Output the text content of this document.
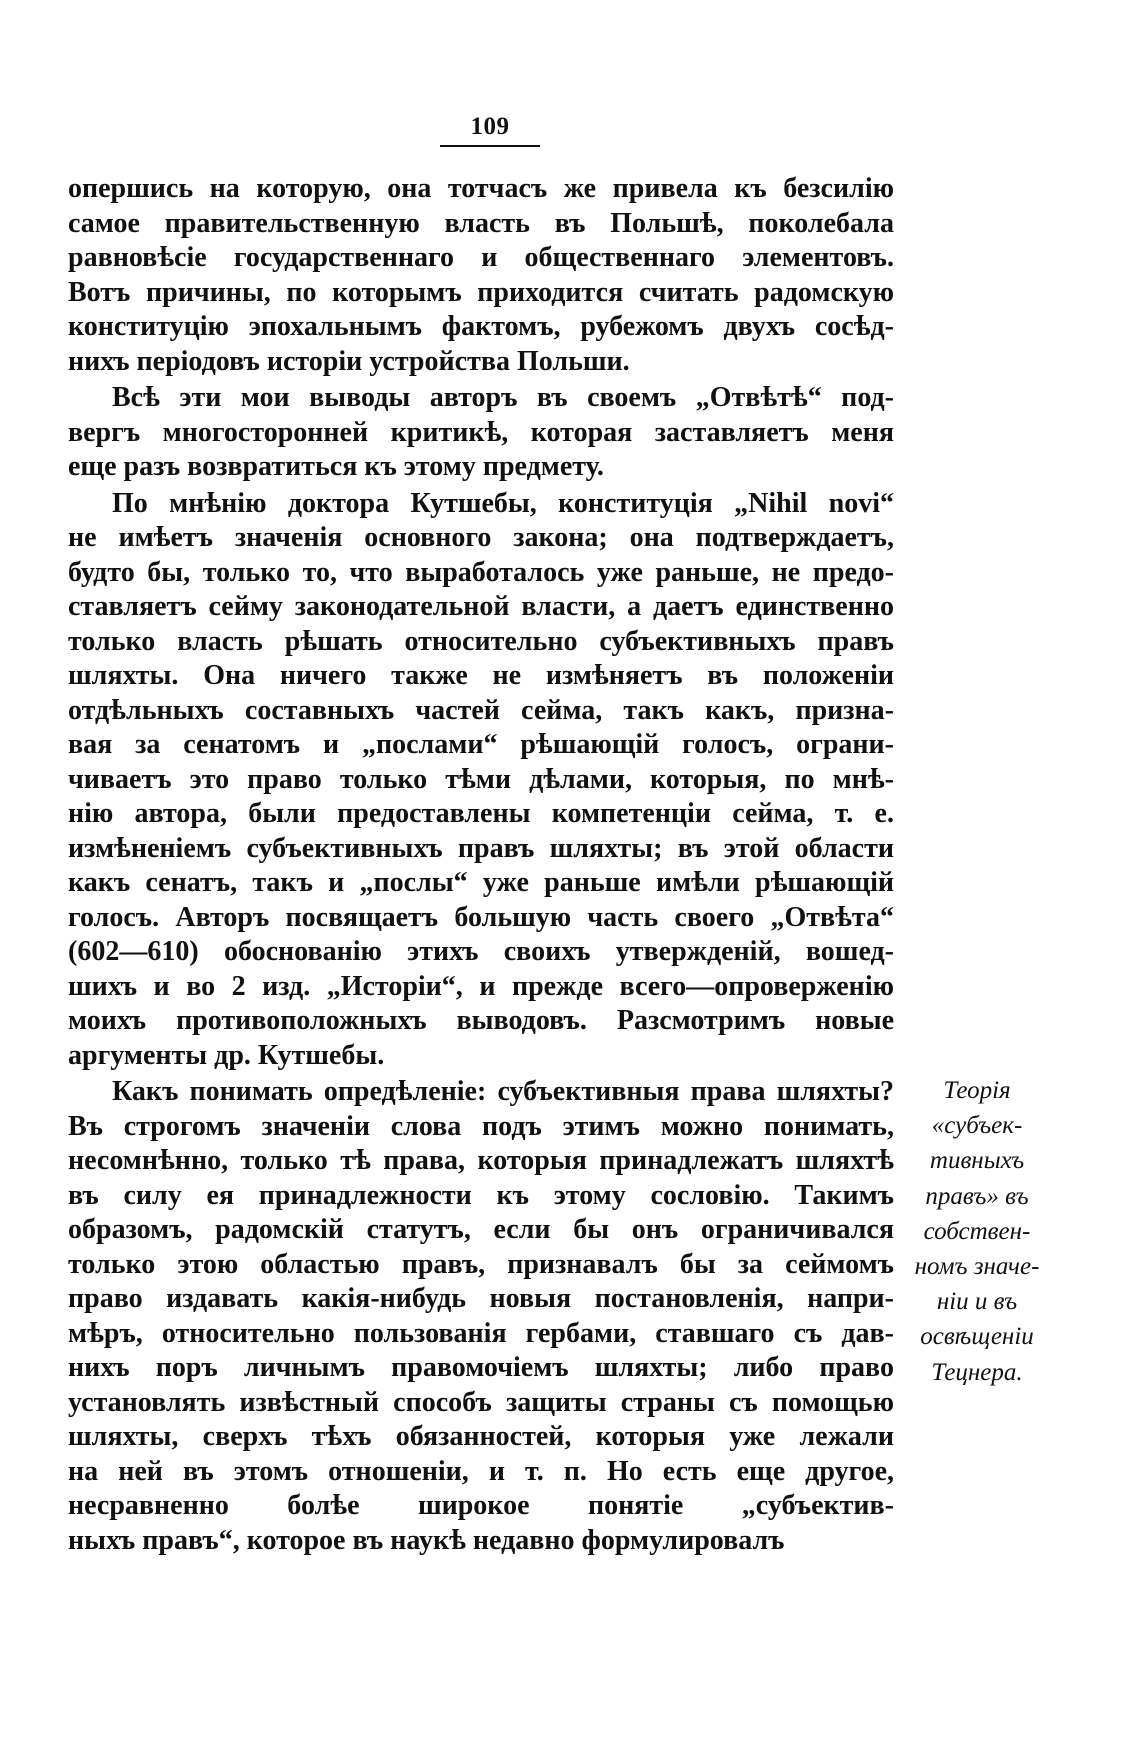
109
оперши﻿сь на которую, она тотчасъ же привела къ безсилію
самое правительственную власть въ Польшѣ, поколебала
равновѣсіе государственнаго и общественнаго элементовъ.
Вотъ причины, по которымъ приходится считать радомскую
конституцію эпохальнымъ фактомъ, рубежомъ двухъ сосѣд-
нихъ періодовъ исторіи устройства Польши.
Всѣ эти мои выводы авторъ въ своемъ „Отвѣтѣ“ под-
вергъ многосторонней критикѣ, которая заставляетъ меня
еще разъ возвратиться къ этому предмету.
По мнѣнію доктора Кутшебы, конституція „Nihil novi“
не имѣетъ значенія основного закона; она подтверждаетъ,
будто бы, только то, что выработалось уже раньше, не предо-
ставляетъ сейму законодательной власти, а даетъ единственно
только власть рѣшать относительно субъективныхъ правъ
шляхты. Она ничего также не измѣняетъ въ положеніи
отдѣльныхъ составныхъ частей сейма, такъ какъ, призна-
вая за сенатомъ и „послами“ рѣшающій голосъ, ограни-
чиваетъ это право только тѣми дѣлами, которыя, по мнѣ-
нію автора, были предоставлены компетенціи сейма, т. е.
измѣненіемъ субъективныхъ правъ шляхты; въ этой области
какъ сенатъ, такъ и „послы“ уже раньше имѣли рѣшающій
голосъ. Авторъ посвящаетъ большую часть своего „Отвѣта“
(602—610) обоснованію этихъ своихъ утвержденій, вошед-
шихъ и во 2 изд. „Исторіи“, и прежде всего—опроверженію
моихъ противоположныхъ выводовъ. Разсмотримъ новые
аргументы др. Кутшебы.
Какъ понимать опредѣленіе: субъективныя права шляхты?
Въ строгомъ значеніи слова подъ этимъ можно понимать,
несомнѣнно, только тѣ права, которыя принадлежатъ шляхтѣ
въ силу ея принадлежности къ этому сословію. Такимъ
образомъ, радомскій статутъ, если бы онъ ограничивался
только этою областью правъ, признавалъ бы за сеймомъ
право издавать какія-нибудь новыя постановленія, напри-
мѣръ, относительно пользованія гербами, ставшаго съ дав-
нихъ поръ личнымъ правомочіемъ шляхты; либо право
установлять извѣстный способъ защиты страны съ помощью
шляхты, сверхъ тѣхъ обязанностей, которыя уже лежали
на ней въ этомъ отношеніи, и т. п. Но есть еще другое,
несравненно болѣе широкое понятіе „субъектив-
ныхъ правъ“, которое въ наукѣ недавно формулировалъ
Теорія
«субъек-
тивныхъ
правъ» въ
собствен-
номъ значе-
ніи и въ
освѣщеніи
Тецнера.
